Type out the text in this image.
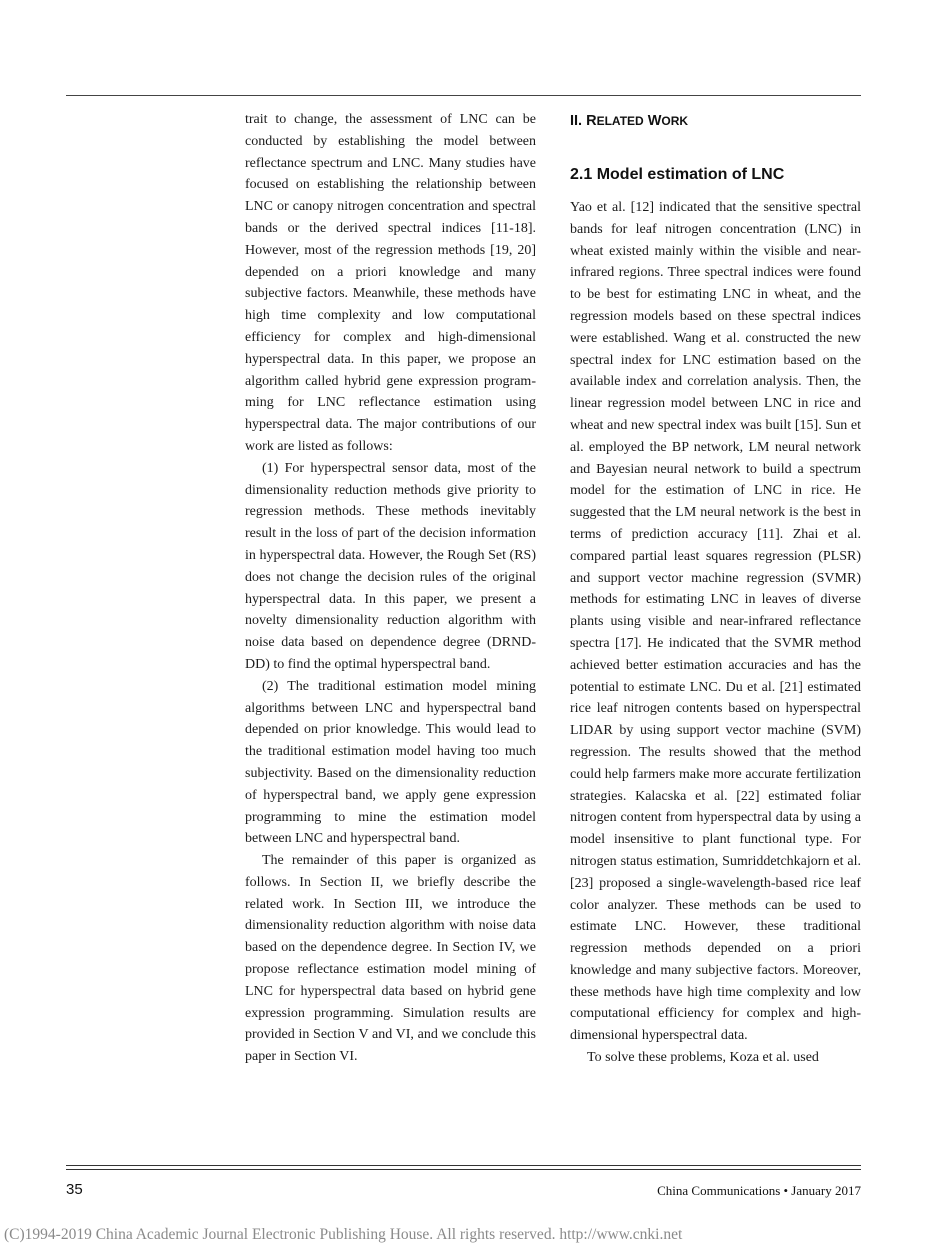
trait to change, the assessment of LNC can be conducted by establishing the model between reflectance spectrum and LNC. Many studies have focused on establishing the relationship between LNC or canopy nitrogen concentration and spectral bands or the derived spectral indices [11-18]. However, most of the regression methods [19, 20] depended on a priori knowledge and many subjective factors. Meanwhile, these methods have high time complexity and low computational efficiency for complex and high-dimensional hyperspectral data. In this paper, we propose an algorithm called hybrid gene expression programming for LNC reflectance estimation using hyperspectral data. The major contributions of our work are listed as follows:

(1) For hyperspectral sensor data, most of the dimensionality reduction methods give priority to regression methods. These methods inevitably result in the loss of part of the decision information in hyperspectral data. However, the Rough Set (RS) does not change the decision rules of the original hyperspectral data. In this paper, we present a novelty dimensionality reduction algorithm with noise data based on dependence degree (DRNDDD) to find the optimal hyperspectral band.

(2) The traditional estimation model mining algorithms between LNC and hyperspectral band depended on prior knowledge. This would lead to the traditional estimation model having too much subjectivity. Based on the dimensionality reduction of hyperspectral band, we apply gene expression programming to mine the estimation model between LNC and hyperspectral band.

The remainder of this paper is organized as follows. In Section II, we briefly describe the related work. In Section III, we introduce the dimensionality reduction algorithm with noise data based on the dependence degree. In Section IV, we propose reflectance estimation model mining of LNC for hyperspectral data based on hybrid gene expression programming. Simulation results are provided in Section V and VI, and we conclude this paper in Section VI.

II. RELATED WORK
2.1 Model estimation of LNC

Yao et al. [12] indicated that the sensitive spectral bands for leaf nitrogen concentration (LNC) in wheat existed mainly within the visible and near-infrared regions. Three spectral indices were found to be best for estimating LNC in wheat, and the regression models based on these spectral indices were established. Wang et al. constructed the new spectral index for LNC estimation based on the available index and correlation analysis. Then, the linear regression model between LNC in rice and wheat and new spectral index was built [15]. Sun et al. employed the BP network, LM neural network and Bayesian neural network to build a spectrum model for the estimation of LNC in rice. He suggested that the LM neural network is the best in terms of prediction accuracy [11]. Zhai et al. compared partial least squares regression (PLSR) and support vector machine regression (SVMR) methods for estimating LNC in leaves of diverse plants using visible and near-infrared reflectance spectra [17]. He indicated that the SVMR method achieved better estimation accuracies and has the potential to estimate LNC. Du et al. [21] estimated rice leaf nitrogen contents based on hyperspectral LIDAR by using support vector machine (SVM) regression. The results showed that the method could help farmers make more accurate fertilization strategies. Kalacska et al. [22] estimated foliar nitrogen content from hyperspectral data by using a model insensitive to plant functional type. For nitrogen status estimation, Sumriddetchkajorn et al. [23] proposed a single-wavelength-based rice leaf color analyzer. These methods can be used to estimate LNC. However, these traditional regression methods depended on a priori knowledge and many subjective factors. Moreover, these methods have high time complexity and low computational efficiency for complex and high-dimensional hyperspectral data.

To solve these problems, Koza et al. used

35	China Communications • January 2017
(C)1994-2019 China Academic Journal Electronic Publishing House. All rights reserved. http://www.cnki.net
